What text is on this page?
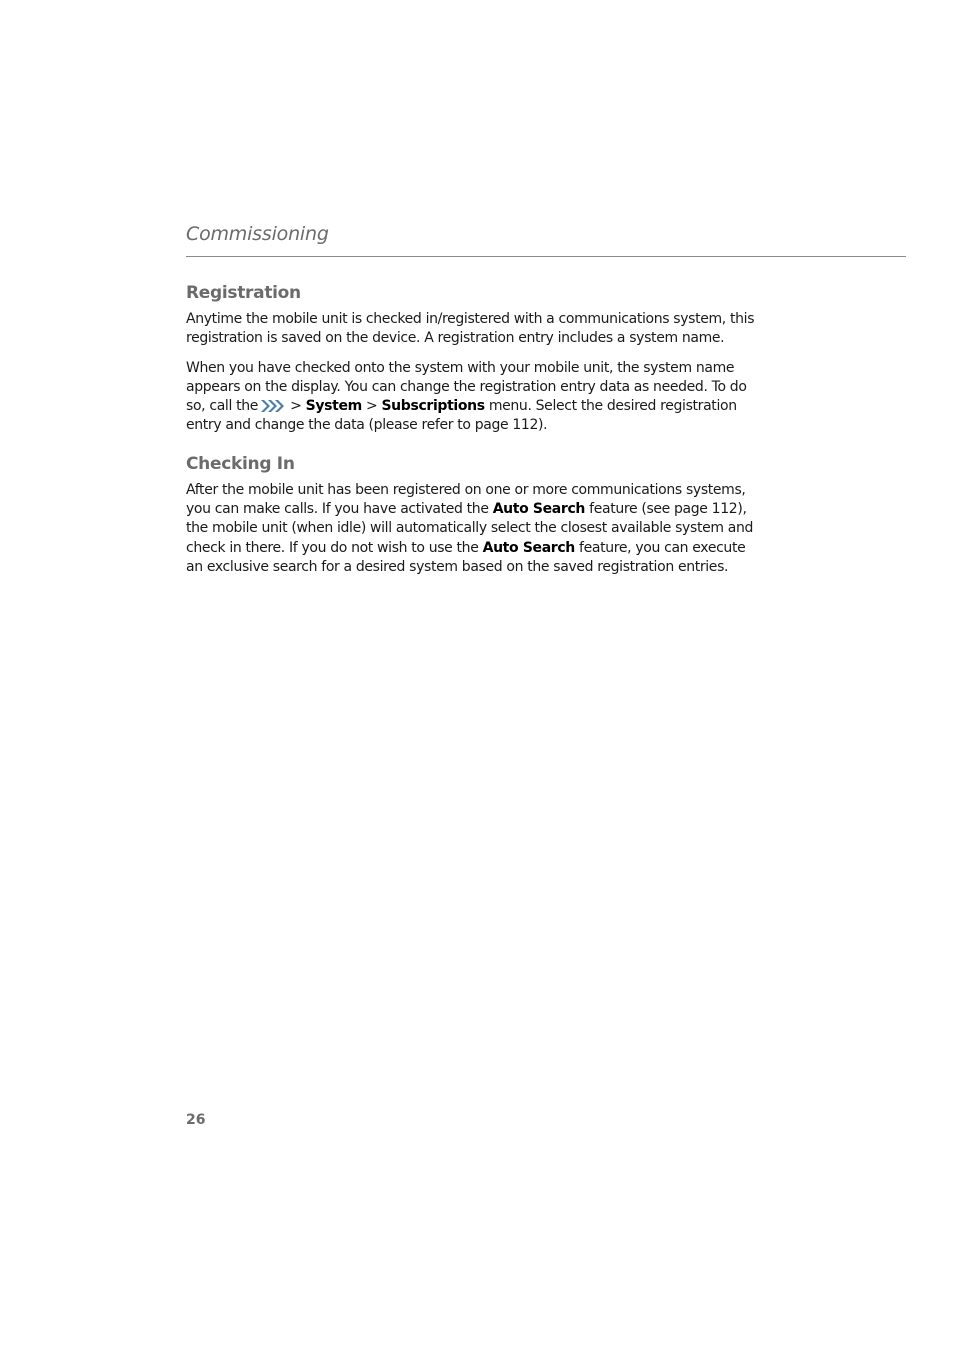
Commissioning
Registration

Anytime the mobile unit is checked in/registered with a communications system, this registration is saved on the device. A registration entry includes a system name.

When you have checked onto the system with your mobile unit, the system name appears on the display. You can change the registration entry data as needed. To do so, call the > System > Subscriptions menu. Select the desired registration entry and change the data (please refer to page 112).

Checking In

After the mobile unit has been registered on one or more communications systems, you can make calls. If you have activated the Auto Search feature (see page 112), the mobile unit (when idle) will automatically select the closest available system and check in there. If you do not wish to use the Auto Search feature, you can execute an exclusive search for a desired system based on the saved registration entries.

26
